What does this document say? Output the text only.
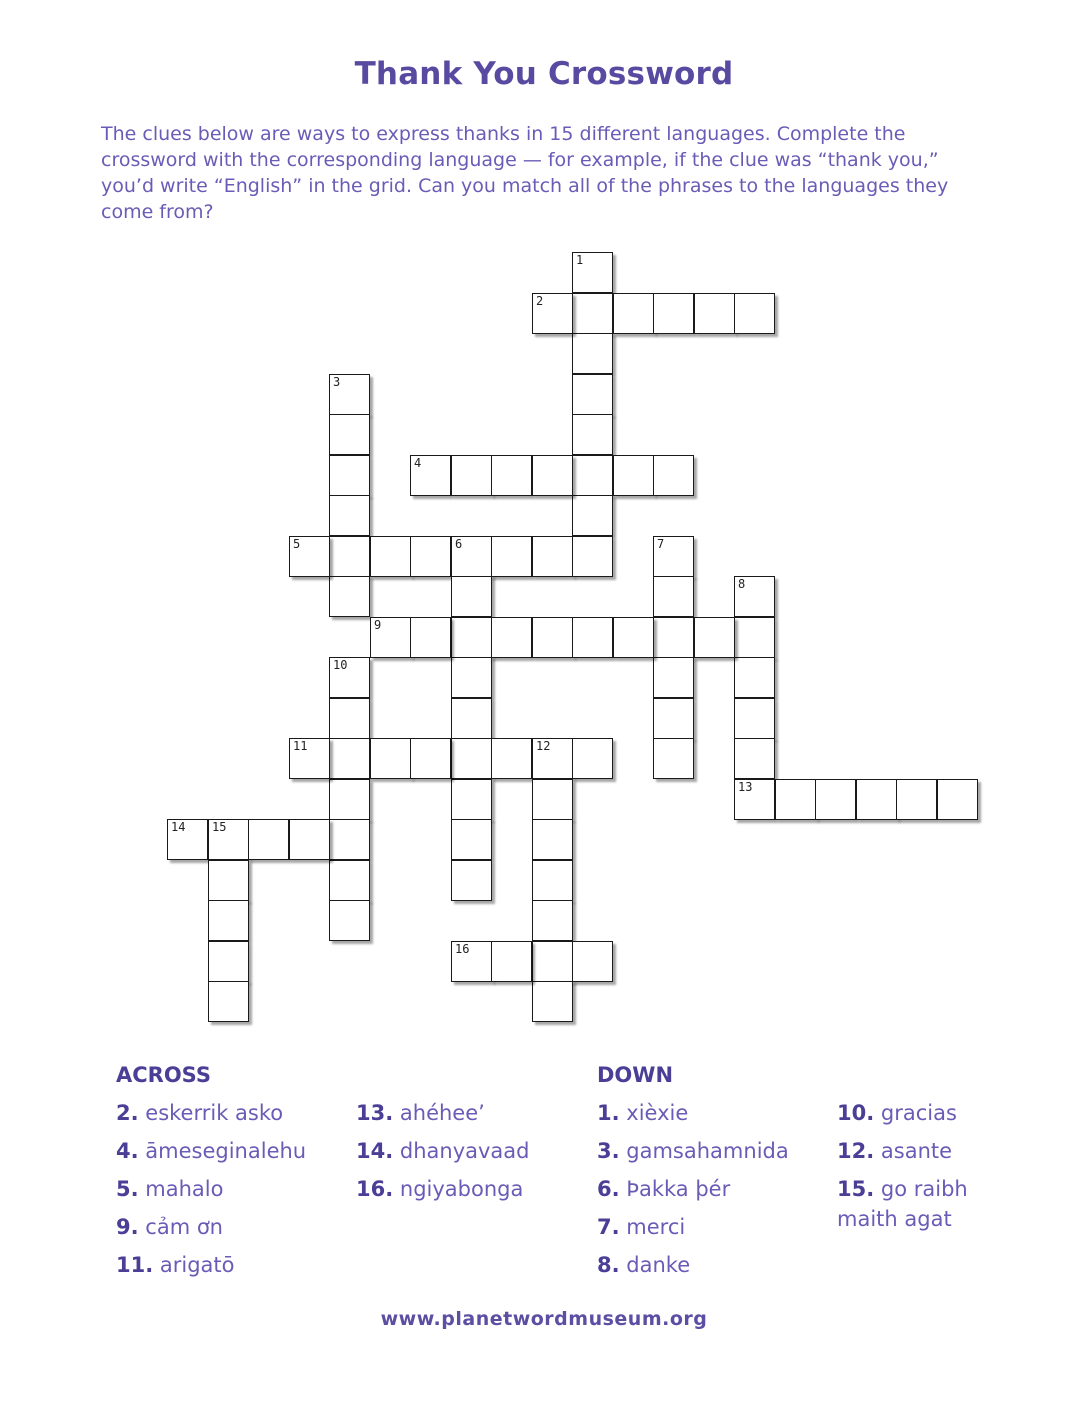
Thank You Crossword
The clues below are ways to express thanks in 15 different languages. Complete the crossword with the corresponding language — for example, if the clue was “thank you,” you’d write “English” in the grid. Can you match all of the phrases to the languages they come from?
1
2
3
4
5	6	7
8
13
9
10
11	12
14 15
16
ACROSS	DOWN
2. eskerrik asko
4. āmeseginalehu
5. mahalo
9. cảm ơn
11. arigatō
13. ahéhee’
14. dhanyavaad
16. ngiyabonga
1. xièxie
3. gamsahamnida
6. Þakka þér
7. merci
8. danke
10. gracias
12. asante
15. go raibh maith agat
www.planetwordmuseum.org
